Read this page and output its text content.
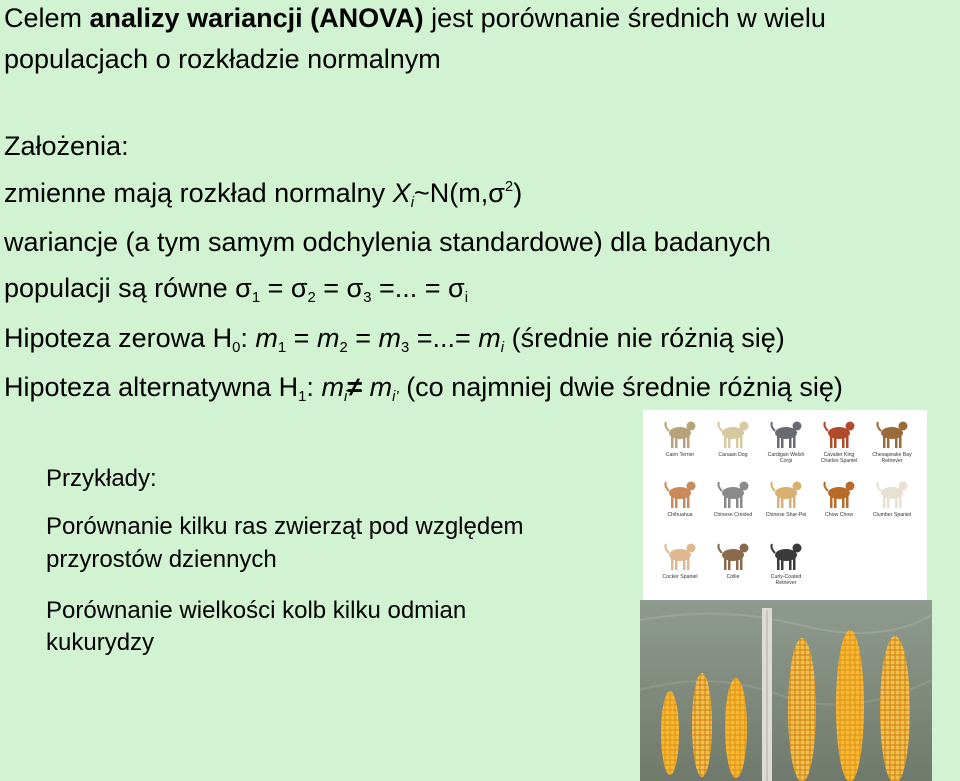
Celem analizy wariancji (ANOVA) jest porównanie średnich w wielu
populacjach o rozkładzie normalnym
Założenia:
zmienne mają rozkład normalny $X_i\sim N(m,\sigma^2)$
wariancje (a tym samym odchylenia standardowe) dla badanych
populacji są równe $\sigma_1 = \sigma_2 = \sigma_3$ =... = $\sigma_i$
Hipoteza zerowa $H_0$: $m_1 = m_2 = m_3$ =...= $m_i$ (średnie nie różnią się)
Hipoteza alternatywna $H_1$: $m_i\ne m_{i’}$ (co najmniej dwie średnie różnią się)
Przykłady:
Porównanie kilku ras zwierząt pod względem
przyrostów dziennych
Porównanie wielkości kolb kilku odmian
kukurydzy
Cairn Terrier	Canaan Dog	Cardigan Welsh Corgi
Cavalier King Charles Spaniel
Chesapeake Bay Retriever
Chihuahua	Chinese Crested	Chinese Shar-Pei	Chow Chow	Clumber Spaniel
Cocker Spaniel	Collie	Curly-Coated Retriever
